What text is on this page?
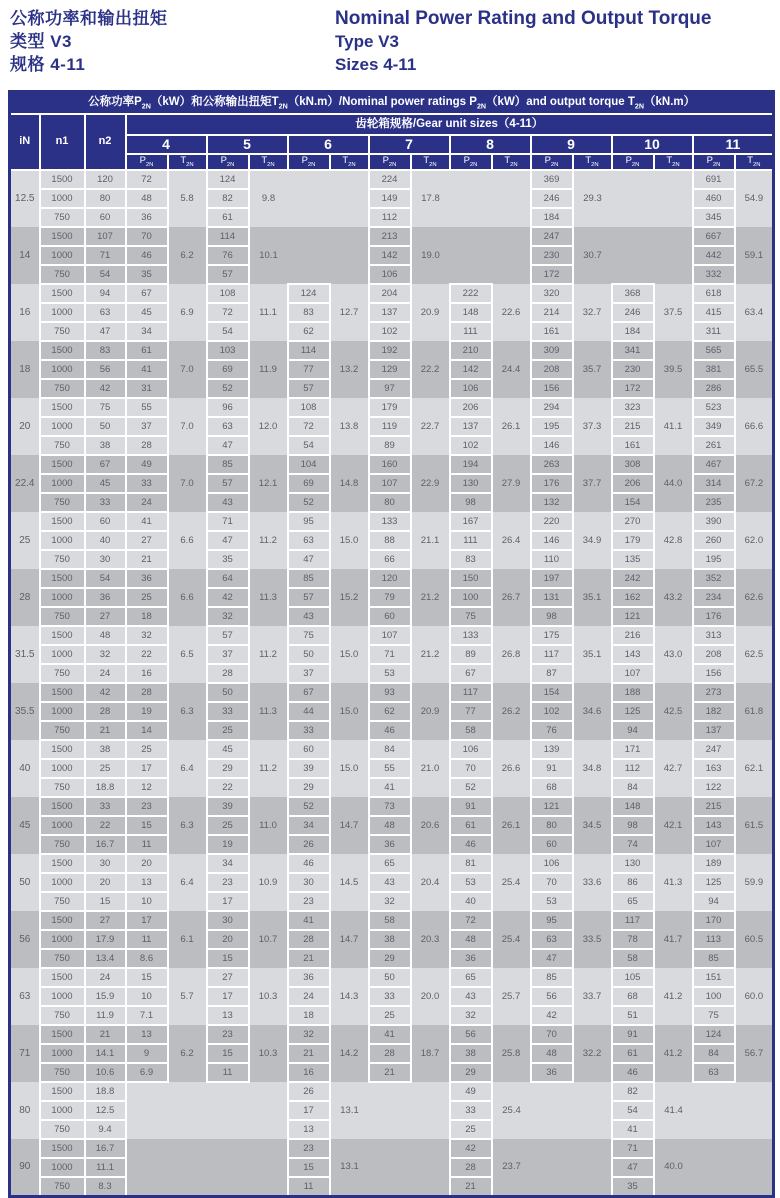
公称功率和输出扭矩
类型 V3
规格 4-11
Nominal Power Rating and Output Torque
Type V3
Sizes 4-11
公称功率$P_{2N}(kW)$和公称输出扭矩$T_{2N}(kN.m)$/Nominal power ratings $P_{2N}(kW)and$ output torque $T_{2N}(kN.m)$																		
iN	n1	n2	齿轮箱规格/Gear unit sizes（4-11）															
			4		5		6		7		8		9		10		11	
			$P_{2N}$	$T_{2N}$	$P_{2N}$	$T_{2N}$	$P_{2N}$	$T_{2N}$	$P_{2N}$	$T_{2N}$	$P_{2N}$	$T_{2N}$	$P_{2N}$	$T_{2N}$	$P_{2N}$	$T_{2N}$	$P_{2N}$	$T_{2N}$
12.5	1500	120	72	5.8	124	9.8			224	17.8			369	29.3			691	54.9
	1000	80	48		82				149				246				460	
	750	60	36		61				112				184				345	
14	1500	107	70	6.2	114	10.1			213	19.0			247	30.7			667	59.1
	1000	71	46		76				142				230				442	
	750	54	35		57				106				172				332	
16	1500	94	67	6.9	108	11.1	124	12.7	204	20.9	222	22.6	320	32.7	368	37.5	618	63.4
	1000	63	45		72		83		137		148		214		246		415	
	750	47	34		54		62		102		111		161		184		311	
18	1500	83	61	7.0	103	11.9	114	13.2	192	22.2	210	24.4	309	35.7	341	39.5	565	65.5
	1000	56	41		69		77		129		142		208		230		381	
	750	42	31		52		57		97		106		156		172		286	
20	1500	75	55	7.0	96	12.0	108	13.8	179	22.7	206	26.1	294	37.3	323	41.1	523	66.6
	1000	50	37		63		72		119		137		195		215		349	
	750	38	28		47		54		89		102		146		161		261	
22.4	1500	67	49	7.0	85	12.1	104	14.8	160	22.9	194	27.9	263	37.7	308	44.0	467	67.2
	1000	45	33		57		69		107		130		176		206		314	
	750	33	24		43		52		80		98		132		154		235	
25	1500	60	41	6.6	71	11.2	95	15.0	133	21.1	167	26.4	220	34.9	270	42.8	390	62.0
	1000	40	27		47		63		88		111		146		179		260	
	750	30	21		35		47		66		83		110		135		195	
28	1500	54	36	6.6	64	11.3	85	15.2	120	21.2	150	26.7	197	35.1	242	43.2	352	62.6
	1000	36	25		42		57		79		100		131		162		234	
	750	27	18		32		43		60		75		98		121		176	
31.5	1500	48	32	6.5	57	11.2	75	15.0	107	21.2	133	26.8	175	35.1	216	43.0	313	62.5
	1000	32	22		37		50		71		89		117		143		208	
	750	24	16		28		37		53		67		87		107		156	
35.5	1500	42	28	6.3	50	11.3	67	15.0	93	20.9	117	26.2	154	34.6	188	42.5	273	61.8
	1000	28	19		33		44		62		77		102		125		182	
	750	21	14		25		33		46		58		76		94		137	
40	1500	38	25	6.4	45	11.2	60	15.0	84	21.0	106	26.6	139	34.8	171	42.7	247	62.1
	1000	25	17		29		39		55		70		91		112		163	
	750	18.8	12		22		29		41		52		68		84		122	
45	1500	33	23	6.3	39	11.0	52	14.7	73	20.6	91	26.1	121	34.5	148	42.1	215	61.5
	1000	22	15		25		34		48		61		80		98		143	
	750	16.7	11		19		26		36		46		60		74		107	
50	1500	30	20	6.4	34	10.9	46	14.5	65	20.4	81	25.4	106	33.6	130	41.3	189	59.9
	1000	20	13		23		30		43		53		70		86		125	
	750	15	10		17		23		32		40		53		65		94	
56	1500	27	17	6.1	30	10.7	41	14.7	58	20.3	72	25.4	95	33.5	117	41.7	170	60.5
	1000	17.9	11		20		28		38		48		63		78		113	
	750	13.4	8.6		15		21		29		36		47		58		85	
63	1500	24	15	5.7	27	10.3	36	14.3	50	20.0	65	25.7	85	33.7	105	41.2	151	60.0
	1000	15.9	10		17		24		33		43		56		68		100	
	750	11.9	7.1		13		18		25		32		42		51		75	
71	1500	21	13	6.2	23	10.3	32	14.2	41	18.7	56	25.8	70	32.2	91	41.2	124	56.7
	1000	14.1	9		15		21		28		38		48		61		84	
	750	10.6	6.9		11		16		21		29		36		46		63	
80	1500	18.8					26	13.1			49	25.4			82	41.4		
	1000	12.5					17				33				54			
	750	9.4					13				25				41			
90	1500	16.7					23	13.1			42	23.7			71	40.0		
	1000	11.1					15				28				47			
	750	8.3					11				21				35			
